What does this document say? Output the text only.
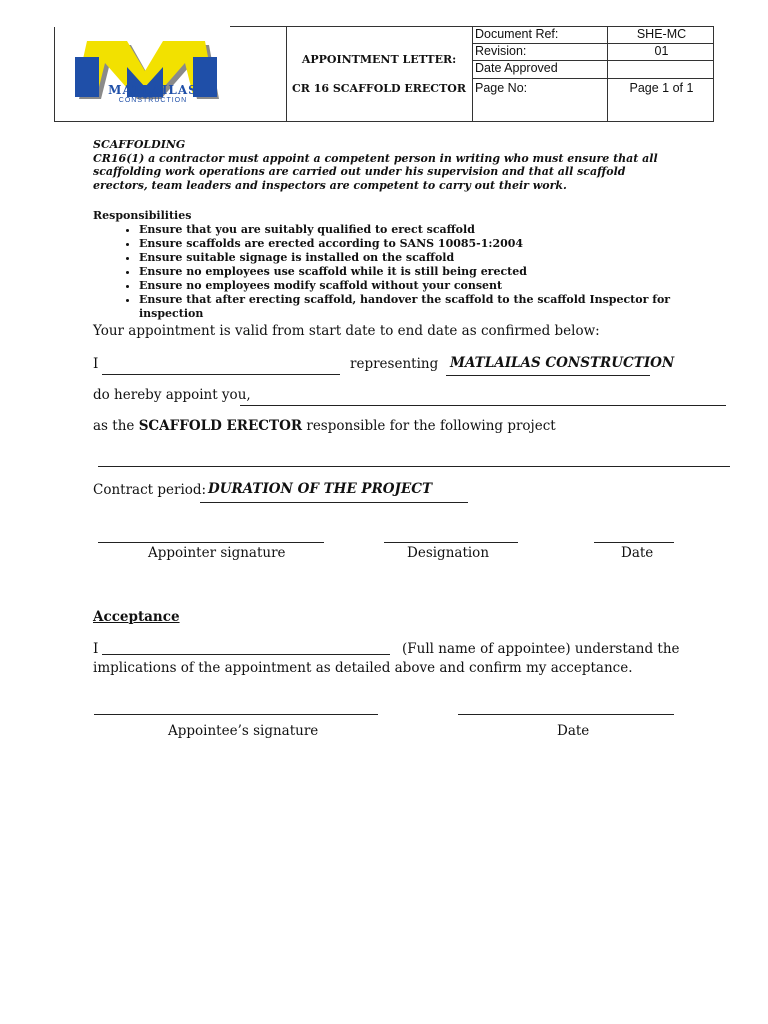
MATLAILAS
CONSTRUCTION
APPOINTMENT LETTER:
CR 16 SCAFFOLD ERECTOR
Document Ref:	SHE-MC
Revision:	01
Date Approved
Page No:	Page 1 of 1
SCAFFOLDING
CR16(1) a contractor must appoint a competent person in writing who must ensure that all scaffolding work operations are carried out under his supervision and that all scaffold erectors, team leaders and inspectors are competent to carry out their work.
Responsibilities
• Ensure that you are suitably qualified to erect scaffold
• Ensure scaffolds are erected according to SANS 10085-1:2004
• Ensure suitable signage is installed on the scaffold
• Ensure no employees use scaffold while it is still being erected
• Ensure no employees modify scaffold without your consent
• Ensure that after erecting scaffold, handover the scaffold to the scaffold Inspector for inspection
Your appointment is valid from start date to end date as confirmed below:
I	representing MATLAILAS CONSTRUCTION
do hereby appoint you,
as the SCAFFOLD ERECTOR responsible for the following project
Contract period: DURATION OF THE PROJECT
Appointer signature	Designation	Date
Acceptance
I	(Full name of appointee) understand the
implications of the appointment as detailed above and confirm my acceptance.
Appointee’s signature	Date
